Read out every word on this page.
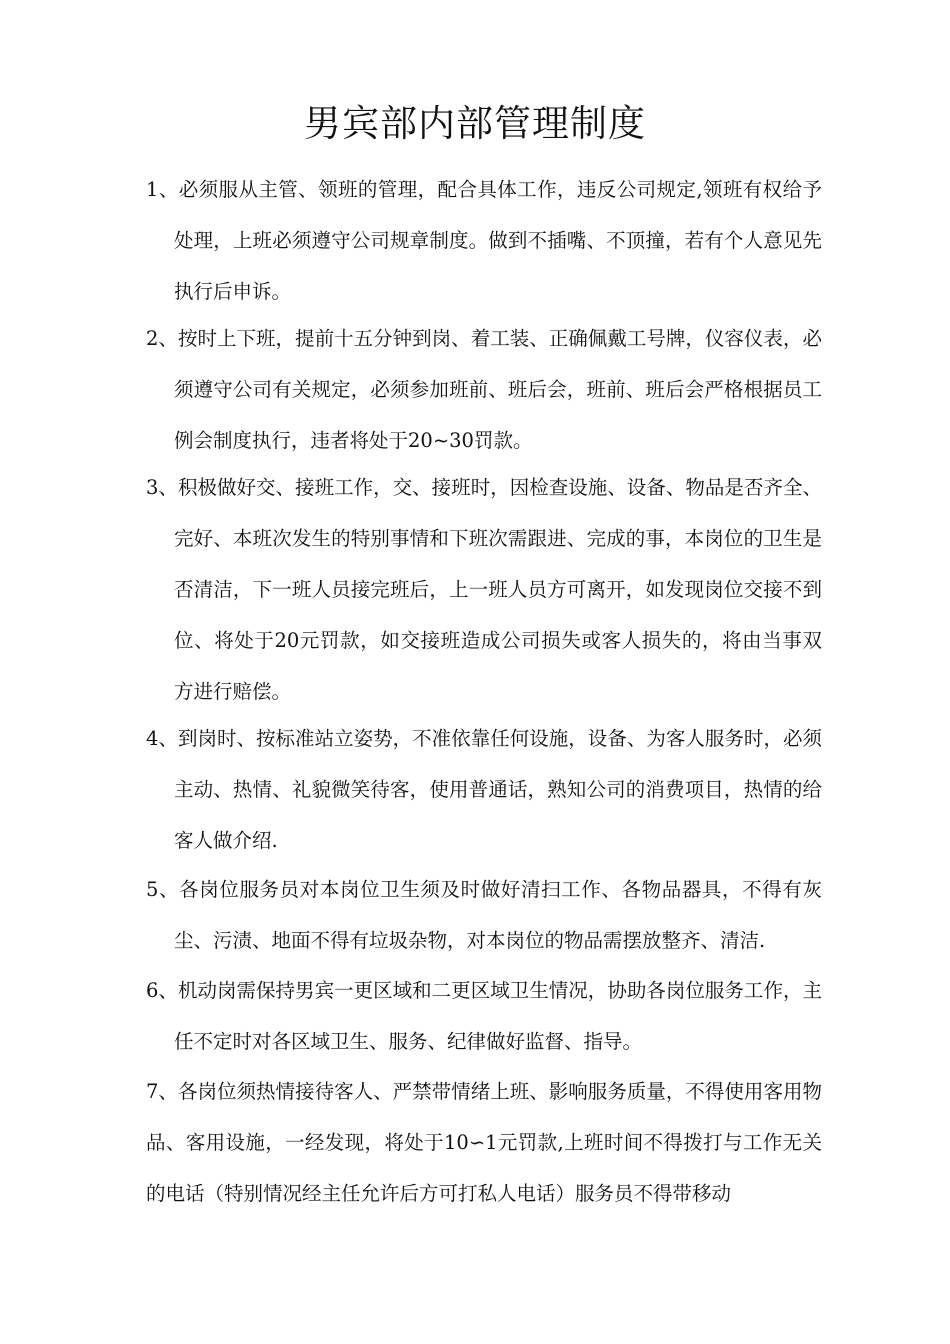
男宾部内部管理制度

1、必须服从主管、领班的管理，配合具体工作，违反公司规定,领班有权给予处理，上班必须遵守公司规章制度。做到不插嘴、不顶撞，若有个人意见先执行后申诉。

2、按时上下班，提前十五分钟到岗、着工装、正确佩戴工号牌，仪容仪表，必须遵守公司有关规定，必须参加班前、班后会，班前、班后会严格根据员工例会制度执行，违者将处于20~30罚款。

3、积极做好交、接班工作，交、接班时，因检查设施、设备、物品是否齐全、完好、本班次发生的特别事情和下班次需跟进、完成的事，本岗位的卫生是否清洁，下一班人员接完班后，上一班人员方可离开，如发现岗位交接不到位、将处于20元罚款，如交接班造成公司损失或客人损失的，将由当事双方进行赔偿。

4、到岗时、按标准站立姿势，不准依靠任何设施，设备、为客人服务时，必须主动、热情、礼貌微笑待客，使用普通话，熟知公司的消费项目，热情的给客人做介绍.

5、各岗位服务员对本岗位卫生须及时做好清扫工作、各物品器具，不得有灰尘、污渍、地面不得有垃圾杂物，对本岗位的物品需摆放整齐、清洁.

6、机动岗需保持男宾一更区域和二更区域卫生情况，协助各岗位服务工作，主任不定时对各区域卫生、服务、纪律做好监督、指导。

7、各岗位须热情接待客人、严禁带情绪上班、影响服务质量，不得使用客用物品、客用设施，一经发现，将处于10∽1元罚款,上班时间不得拨打与工作无关的电话（特别情况经主任允许后方可打私人电话）服务员不得带移动
